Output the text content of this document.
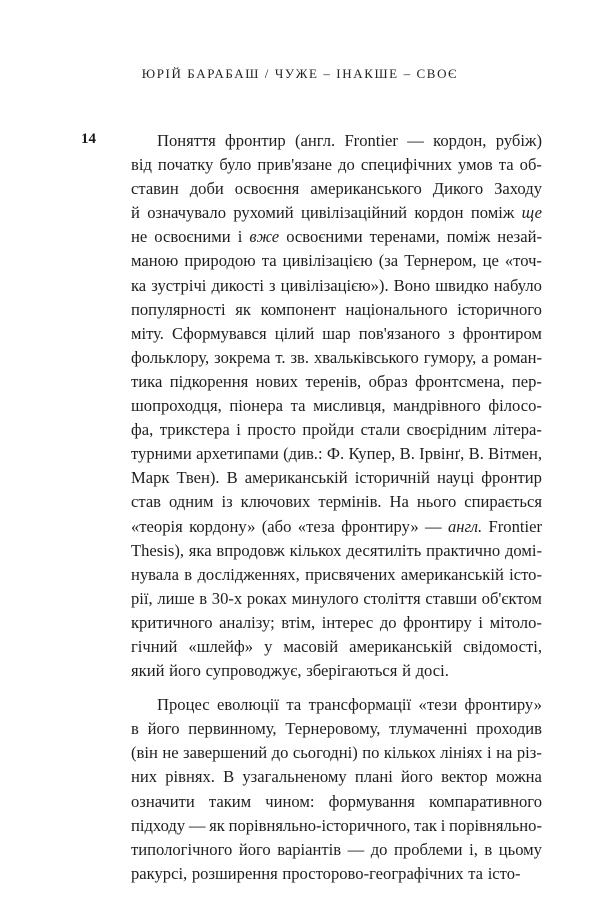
ЮРІЙ БАРАБАШ / ЧУЖЕ – ІНАКШЕ – СВОЄ
14	Поняття фронтир (англ. Frontier — кордон, рубіж)
від початку було прив'язане до специфічних умов та об-
ставин доби освоєння американського Дикого Заходу
й означувало рухомий цивілізаційний кордон поміж ще
не освоєними і вже освоєними теренами, поміж незай-
маною природою та цивілізацією (за Тернером, це «точ-
ка зустрічі дикості з цивілізацією»). Воно швидко набуло
популярності як компонент національного історичного
міту. Сформувався цілий шар пов'язаного з фронтиром
фольклору, зокрема т. зв. хвальківського гумору, а роман-
тика підкорення нових теренів, образ фронтсмена, пер-
шопроходця, піонера та мисливця, мандрівного філосо-
фа, трикстера і просто пройди стали своєрідним літера-
турними архетипами (див.: Ф. Купер, В. Ірвінґ, В. Вітмен,
Марк Твен). В американській історичній науці фронтир
став одним із ключових термінів. На нього спирається
«теорія кордону» (або «теза фронтиру» — англ. Frontier
Thesis), яка впродовж кількох десятиліть практично домі-
нувала в дослідженнях, присвячених американській істо-
рії, лише в 30-х роках минулого століття ставши об'єктом
критичного аналізу; втім, інтерес до фронтиру і мітоло-
гічний «шлейф» у масовій американській свідомості,
який його супроводжує, зберігаються й досі.
Процес еволюції та трансформації «тези фронтиру»
в його первинному, Тернеровому, тлумаченні проходив
(він не завершений до сьогодні) по кількох лініях і на різ-
них рівнях. В узагальненому плані його вектор можна
означити таким чином: формування компаративного
підходу — як порівняльно-історичного, так і порівняльно-
типологічного його варіантів — до проблеми і, в цьому
ракурсі, розширення просторово-географічних та істо-
